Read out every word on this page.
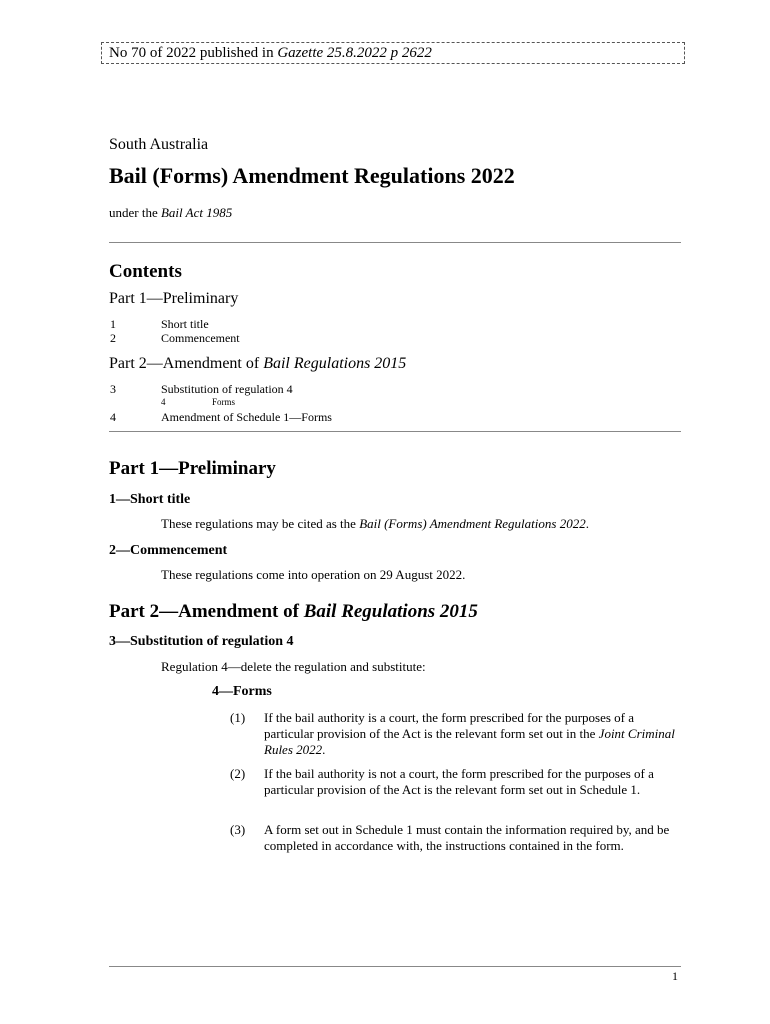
No 70 of 2022 published in Gazette 25.8.2022 p 2622
South Australia
Bail (Forms) Amendment Regulations 2022
under the Bail Act 1985
Contents
Part 1—Preliminary
1	Short title
2	Commencement
Part 2—Amendment of Bail Regulations 2015
3	Substitution of regulation 4
4	Forms
4	Amendment of Schedule 1—Forms
Part 1—Preliminary
1—Short title
These regulations may be cited as the Bail (Forms) Amendment Regulations 2022.
2—Commencement
These regulations come into operation on 29 August 2022.
Part 2—Amendment of Bail Regulations 2015
3—Substitution of regulation 4
Regulation 4—delete the regulation and substitute:
4—Forms
(1) If the bail authority is a court, the form prescribed for the purposes of a particular provision of the Act is the relevant form set out in the Joint Criminal Rules 2022.
(2) If the bail authority is not a court, the form prescribed for the purposes of a particular provision of the Act is the relevant form set out in Schedule 1.
(3) A form set out in Schedule 1 must contain the information required by, and be completed in accordance with, the instructions contained in the form.
1
